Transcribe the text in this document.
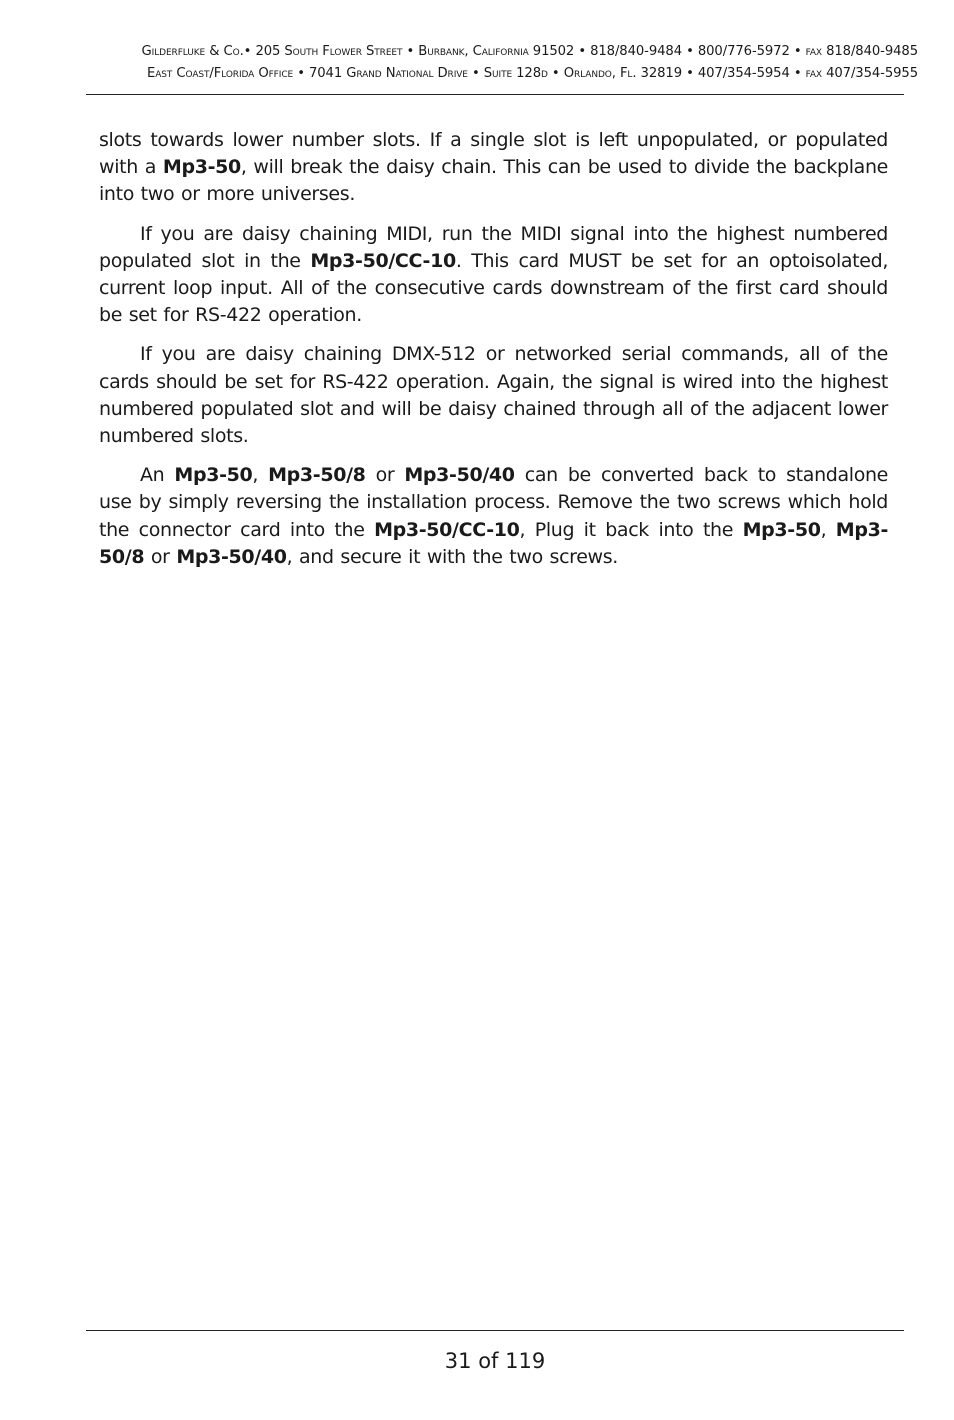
Gilderfluke & Co.• 205 South Flower Street • Burbank, California 91502 • 818/840-9484 • 800/776-5972 • fax 818/840-9485
East Coast/Florida Office • 7041 Grand National Drive • Suite 128d • Orlando, Fl. 32819 • 407/354-5954 • fax 407/354-5955

slots towards lower number slots. If a single slot is left unpopulated, or populated with a Mp3-50, will break the daisy chain. This can be used to divide the backplane into two or more universes.

If you are daisy chaining MIDI, run the MIDI signal into the highest numbered populated slot in the Mp3-50/CC-10. This card MUST be set for an optoisolated, current loop input. All of the consecutive cards downstream of the first card should be set for RS-422 operation.

If you are daisy chaining DMX-512 or networked serial commands, all of the cards should be set for RS-422 operation. Again, the signal is wired into the highest numbered populated slot and will be daisy chained through all of the adjacent lower numbered slots.

An Mp3-50, Mp3-50/8 or Mp3-50/40 can be converted back to standalone use by simply reversing the installation process. Remove the two screws which hold the connector card into the Mp3-50/CC-10, Plug it back into the Mp3-50, Mp3-50/8 or Mp3-50/40, and secure it with the two screws.

31 of 119
